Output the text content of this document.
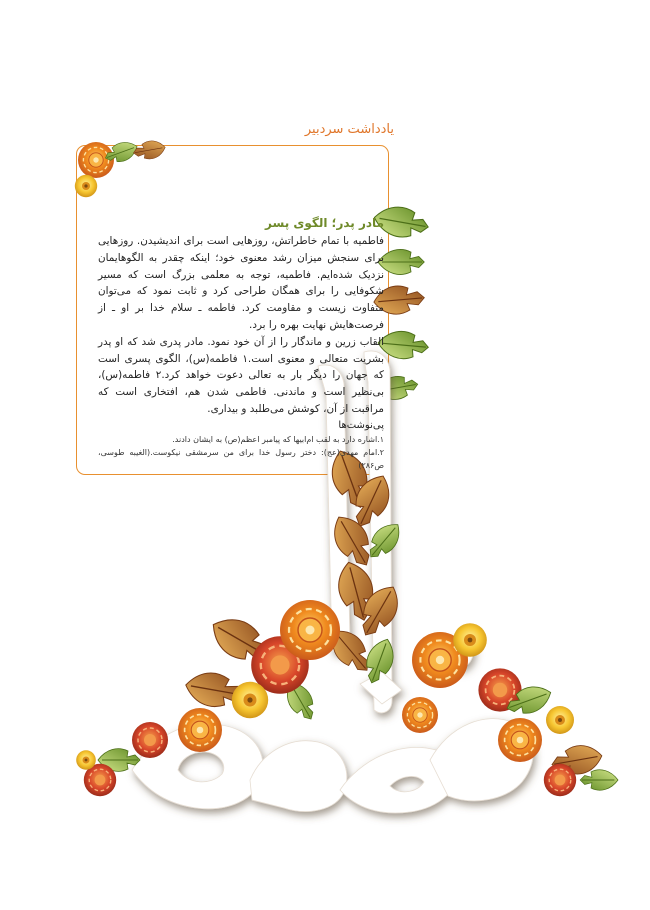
یادداشت سردبیر
مادر پدر؛ الگوی پسر

فاطمیه با تمام خاطراتش، روزهایی است برای اندیشیدن. روزهایی برای سنجش میزان رشد معنوی خود؛ اینکه چقدر به الگوهایمان نزدیک شده‌ایم. فاطمیه، توجه به معلمی بزرگ است که مسیر شکوفایی را برای همگان طراحی کرد و ثابت نمود که می‌توان متفاوت زیست و مقاومت کرد. فاطمه ـ سلام خدا بر او ـ از فرصت‌هایش نهایت بهره را برد.

القاب زرین و ماندگار را از آن خود نمود. مادر پدری شد که او پدر بشریت متعالی و معنوی است.۱ فاطمه(س)، الگوی پسری است که جهان را دیگر بار به تعالی دعوت خواهد کرد.۲ فاطمه(س)، بی‌نظیر است و ماندنی. فاطمی شدن هم، افتخاری است که مراقبت از آن، کوشش می‌طلبد و بیداری.

پی‌نوشت‌ها

۱.اشاره دارد به لقب ام‌ابیها که پیامبر اعظم(ص) به ایشان دادند.

۲.امام مهدی(عج): دختر رسول خدا برای من سرمشقی نیکوست.(الغیبه طوسی، ص۲۸۶)
